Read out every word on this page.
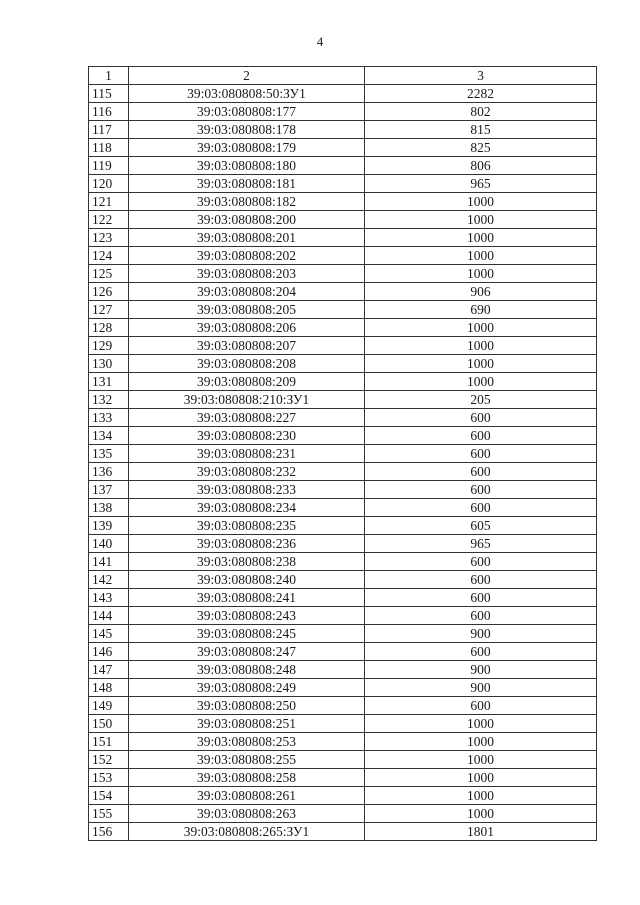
4
1	2	3
115	39:03:080808:50:ЗУ1	2282
116	39:03:080808:177	802
117	39:03:080808:178	815
118	39:03:080808:179	825
119	39:03:080808:180	806
120	39:03:080808:181	965
121	39:03:080808:182	1000
122	39:03:080808:200	1000
123	39:03:080808:201	1000
124	39:03:080808:202	1000
125	39:03:080808:203	1000
126	39:03:080808:204	906
127	39:03:080808:205	690
128	39:03:080808:206	1000
129	39:03:080808:207	1000
130	39:03:080808:208	1000
131	39:03:080808:209	1000
132	39:03:080808:210:ЗУ1	205
133	39:03:080808:227	600
134	39:03:080808:230	600
135	39:03:080808:231	600
136	39:03:080808:232	600
137	39:03:080808:233	600
138	39:03:080808:234	600
139	39:03:080808:235	605
140	39:03:080808:236	965
141	39:03:080808:238	600
142	39:03:080808:240	600
143	39:03:080808:241	600
144	39:03:080808:243	600
145	39:03:080808:245	900
146	39:03:080808:247	600
147	39:03:080808:248	900
148	39:03:080808:249	900
149	39:03:080808:250	600
150	39:03:080808:251	1000
151	39:03:080808:253	1000
152	39:03:080808:255	1000
153	39:03:080808:258	1000
154	39:03:080808:261	1000
155	39:03:080808:263	1000
156	39:03:080808:265:ЗУ1	1801
